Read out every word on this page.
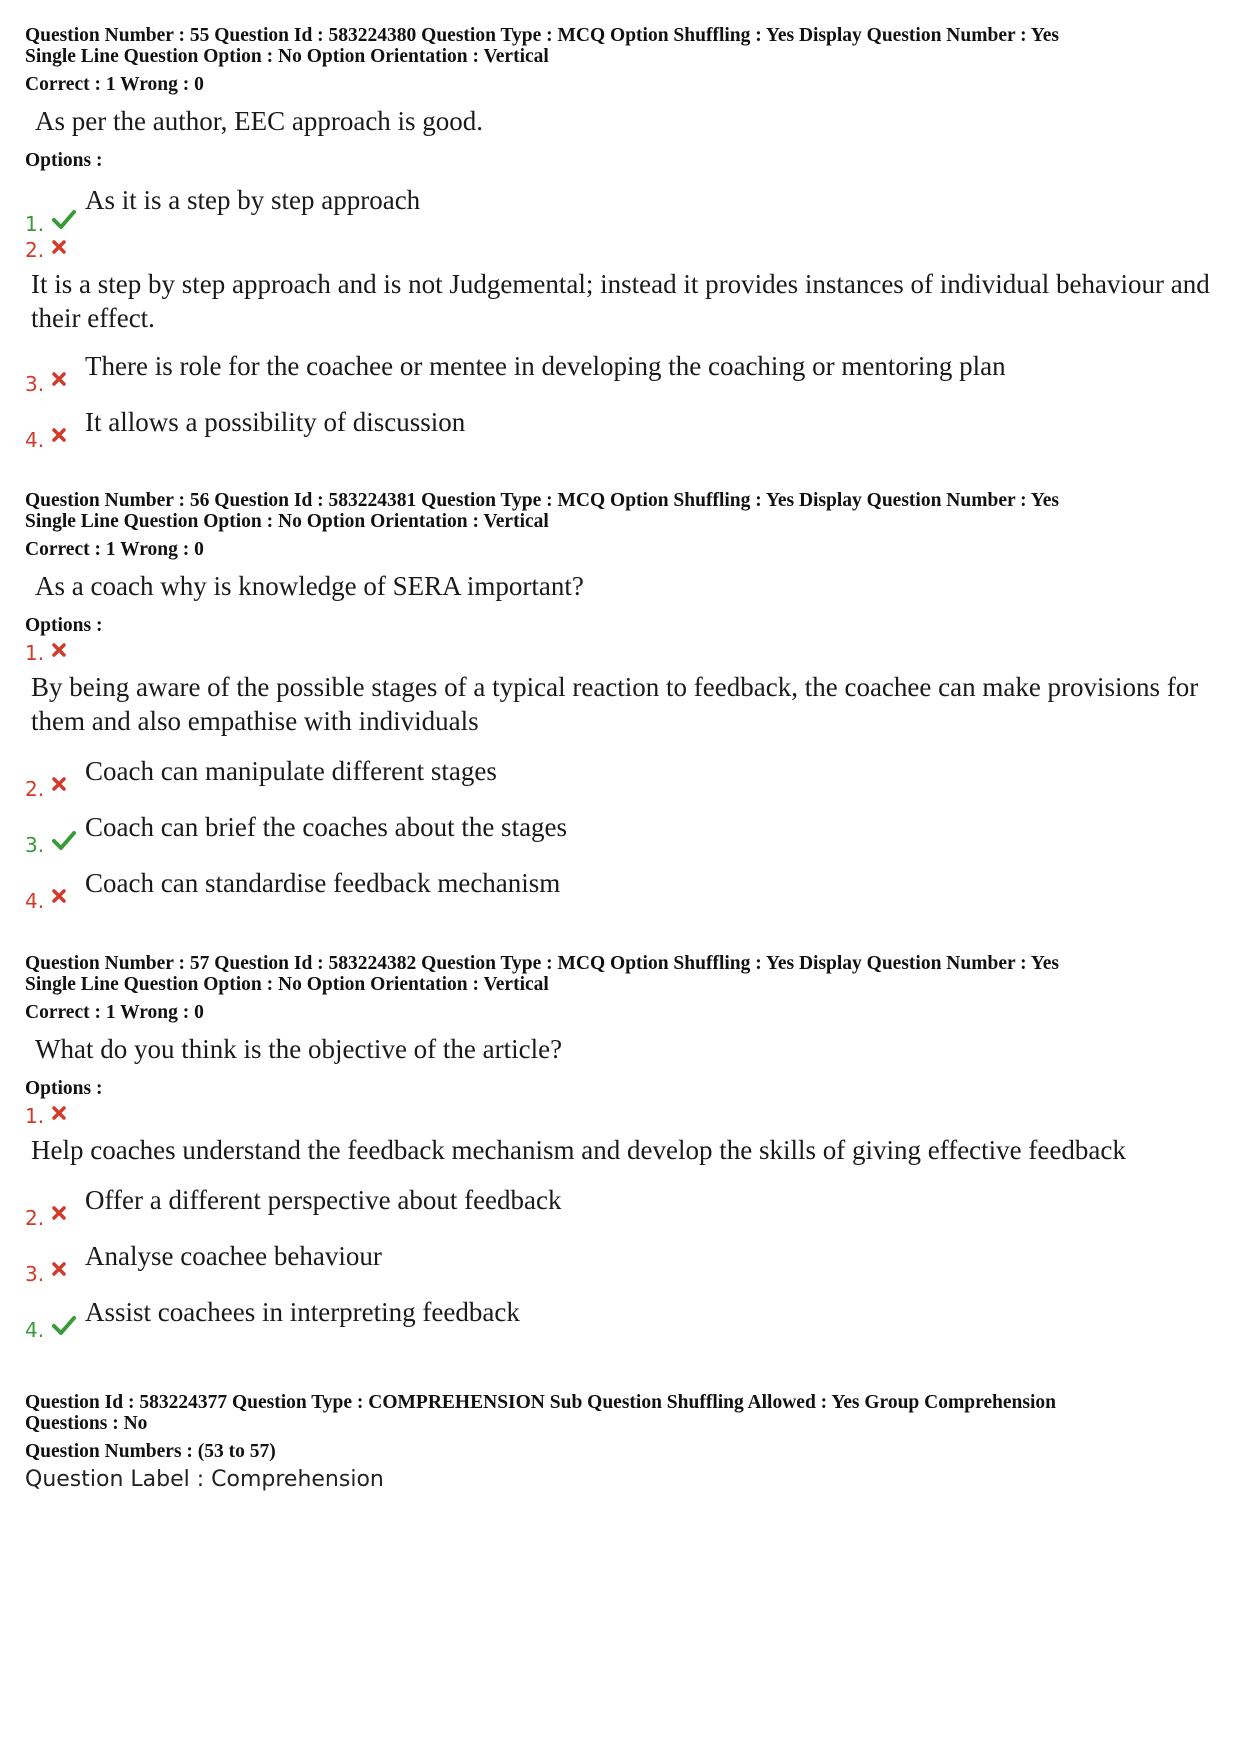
Question Number : 55 Question Id : 583224380 Question Type : MCQ Option Shuffling : Yes Display Question Number : Yes
Single Line Question Option : No Option Orientation : Vertical
Correct : 1 Wrong : 0
As per the author, EEC approach is good.
Options :
1.
As it is a step by step approach
2.
It is a step by step approach and is not Judgemental; instead it provides instances of individual behaviour and their effect.
3.
There is role for the coachee or mentee in developing the coaching or mentoring plan
4.
It allows a possibility of discussion
Question Number : 56 Question Id : 583224381 Question Type : MCQ Option Shuffling : Yes Display Question Number : Yes
Single Line Question Option : No Option Orientation : Vertical
Correct : 1 Wrong : 0
As a coach why is knowledge of SERA important?
Options :
1.
By being aware of the possible stages of a typical reaction to feedback, the coachee can make provisions for them and also empathise with individuals
2.
Coach can manipulate different stages
3.
Coach can brief the coaches about the stages
4.
Coach can standardise feedback mechanism
Question Number : 57 Question Id : 583224382 Question Type : MCQ Option Shuffling : Yes Display Question Number : Yes
Single Line Question Option : No Option Orientation : Vertical
Correct : 1 Wrong : 0
What do you think is the objective of the article?
Options :
1.
Help coaches understand the feedback mechanism and develop the skills of giving effective feedback
2.
Offer a different perspective about feedback
3.
Analyse coachee behaviour
4.
Assist coachees in interpreting feedback
Question Id : 583224377 Question Type : COMPREHENSION Sub Question Shuffling Allowed : Yes Group Comprehension
Questions : No
Question Numbers : (53 to 57)
Question Label : Comprehension
